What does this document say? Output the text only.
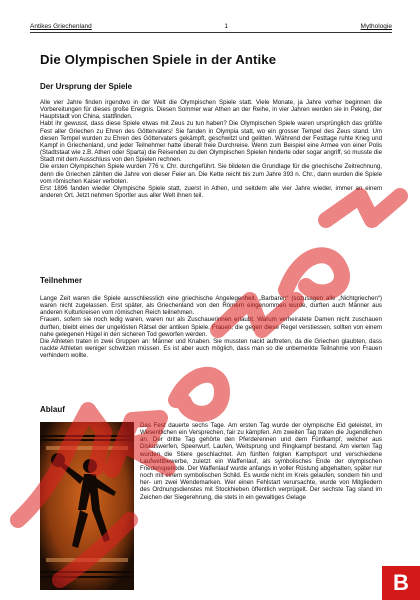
Antikes Griechenland	1	Mythologie
Die Olympischen Spiele in der Antike
Der Ursprung der Spiele

Alle vier Jahre finden irgendwo in der Welt die Olympischen Spiele statt. Viele Monate, ja Jahre vorher beginnen die Vorbereitungen für dieses große Ereignis. Diesen Sommer war Athen an der Reihe, in vier Jahren werden sie in Peking, der Hauptstadt von China, stattfinden.

Habt ihr gewusst, dass diese Spiele etwas mit Zeus zu tun haben? Die Olympischen Spiele waren ursprünglich das größte Fest aller Griechen zu Ehren des Göttervaters! Sie fanden in Olympia statt, wo ein grosser Tempel des Zeus stand. Um diesen Tempel wurden zu Ehren des Göttervaters gekämpft, geschwitzt und gelitten. Während der Festtage ruhte Krieg und Kampf in Griechenland, und jeder Teilnehmer hatte überall freie Durchreise. Wenn zum Beispiel eine Armee von einer Polis (Stadtstaat wie z.B. Athen oder Sparta) die Reisenden zu den Olympischen Spielen hinderte oder sogar angriff, so musste die Stadt mit dem Ausschluss von den Spielen rechnen.

Die ersten Olympischen Spiele wurden 776 v. Chr. durchgeführt. Sie bildeten die Grundlage für die griechische Zeitrechnung, denn die Griechen zählten die Jahre von dieser Feier an. Die Kette reicht bis zum Jahre 393 n. Chr., dann wurden die Spiele vom römischen Kaiser verboten.

Erst 1896 fanden wieder Olympische Spiele statt, zuerst in Athen, und seitdem alle vier Jahre wieder, immer an einem anderen Ort. Jetzt nehmen Sportler aus aller Welt ihnen teil.

Teilnehmer

Lange Zeit waren die Spiele ausschliesslich eine griechische Angelegenheit. „Barbaren“ (sozusagen alle „Nichtgriechen“) waren nicht zugelassen. Erst später, als Griechenland von den Römern eingenommen wurde, durften auch Männer aus anderen Kulturkreisen vom römischen Reich teilnehmen.

Frauen, sofern sie noch ledig waren, waren nur als Zuschauerinnen erlaubt. Warum verheiratete Damen nicht zuschauen durften, bleibt eines der ungelösten Rätsel der antiken Spiele. Frauen, die gegen diese Regel verstiessen, sollten von einem nahe gelegenen Hügel in den sicheren Tod geworfen werden.

Die Athleten traten in zwei Gruppen an: Männer und Knaben. Sie mussten nackt auftreten, da die Griechen glaubten, dass nackte Athleten weniger schwitzen müssen. Es ist aber auch möglich, dass man so die unbemerkte Teilnahme von Frauen verhindern wollte.

Ablauf

Das Fest dauerte sechs Tage. Am ersten Tag wurde der olympische Eid geleistet, im Wesentlichen ein Versprechen, fair zu kämpfen. Am zweiten Tag traten die Jugendlichen an. Der dritte Tag gehörte den Pferderennen und dem Fünfkampf, welcher aus Diskuswerfen, Speerwurf, Laufen, Weitsprung und Ringkampf bestand. Am vierten Tag wurden die Stiere geschlachtet. Am fünften folgten Kampfsport und verschiedene Laufwettbewerbe, zuletzt ein Waffenlauf, als symbolisches Ende der olympischen Friedensperiode. Der Waffenlauf wurde anfangs in voller Rüstung abgehalten, später nur noch mit einem symbolischen Schild. Es wurde nicht im Kreis gelaufen, sondern hin und her- um zwei Wendemarken. Wer einen Fehlstart verursachte, wurde von Mitgliedern des Ordnungsdienstes mit Stockhieben öffentlich verprügelt. Der sechste Tag stand im Zeichen der Siegerehrung, die stets in ein gewaltiges Gelage

B
